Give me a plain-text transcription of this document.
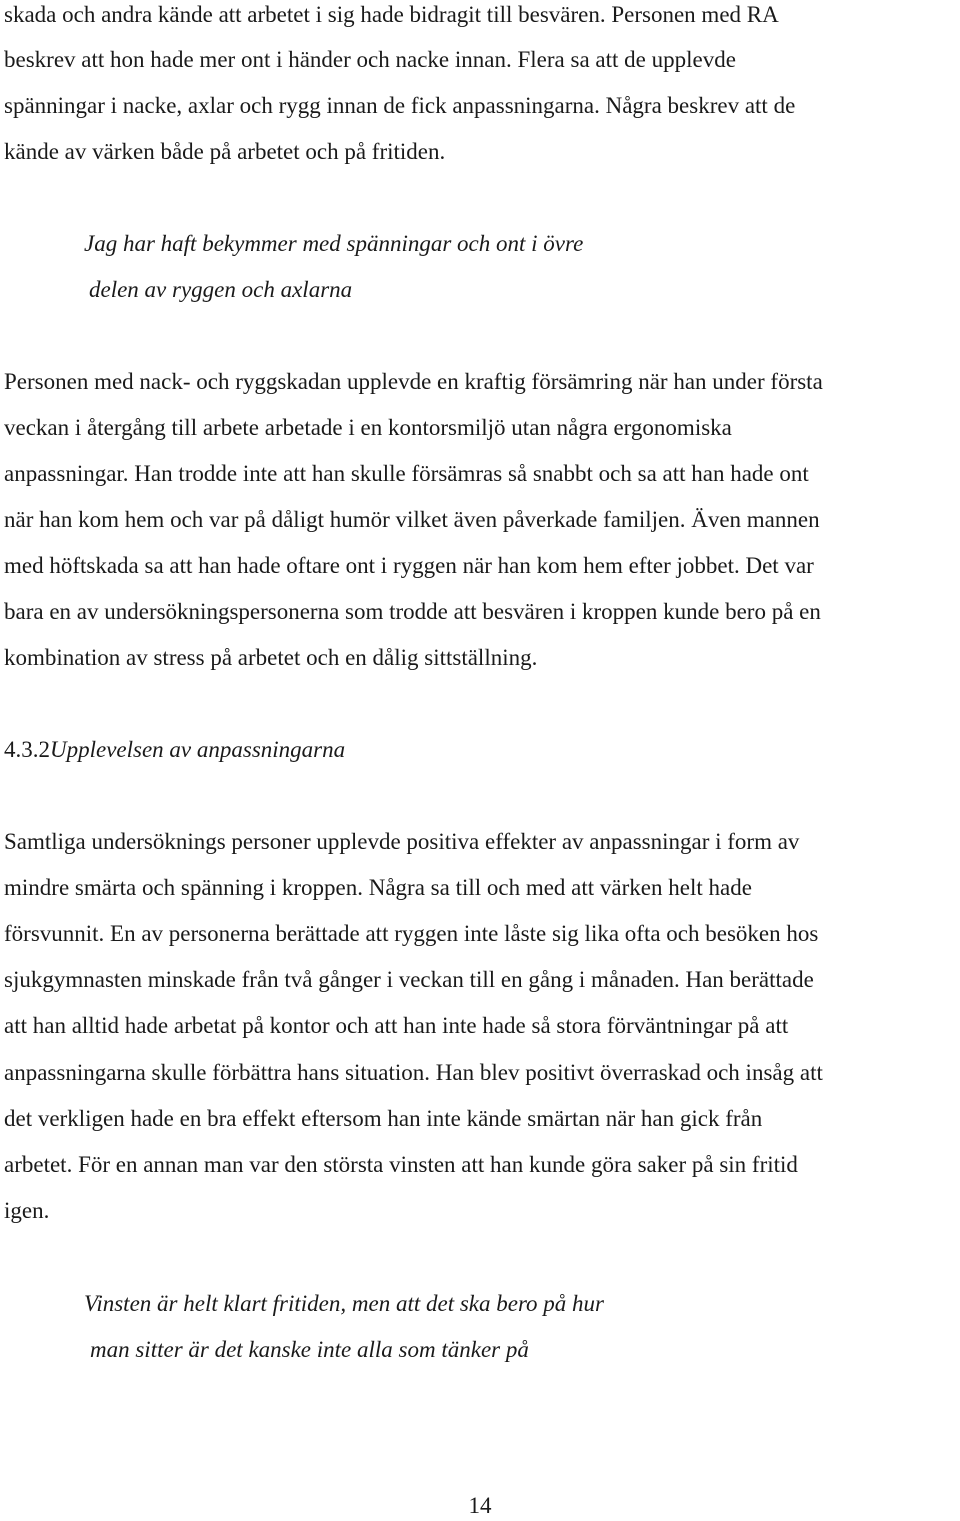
skada och andra kände att arbetet i sig hade bidragit till besvären. Personen med RA
beskrev att hon hade mer ont i händer och nacke innan. Flera sa att de upplevde
spänningar i nacke, axlar och rygg innan de fick anpassningarna. Några beskrev att de
kände av värken både på arbetet och på fritiden.
Jag har haft bekymmer med spänningar och ont i övre
delen av ryggen och axlarna
Personen med nack- och ryggskadan upplevde en kraftig försämring när han under första
veckan i återgång till arbete arbetade i en kontorsmiljö utan några ergonomiska
anpassningar. Han trodde inte att han skulle försämras så snabbt och sa att han hade ont
när han kom hem och var på dåligt humör vilket även påverkade familjen. Även mannen
med höftskada sa att han hade oftare ont i ryggen när han kom hem efter jobbet. Det var
bara en av undersökningspersonerna som trodde att besvären i kroppen kunde bero på en
kombination av stress på arbetet och en dålig sittställning.
4.3.2Upplevelsen av anpassningarna
Samtliga undersöknings personer upplevde positiva effekter av anpassningar i form av
mindre smärta och spänning i kroppen. Några sa till och med att värken helt hade
försvunnit. En av personerna berättade att ryggen inte låste sig lika ofta och besöken hos
sjukgymnasten minskade från två gånger i veckan till en gång i månaden. Han berättade
att han alltid hade arbetat på kontor och att han inte hade så stora förväntningar på att
anpassningarna skulle förbättra hans situation. Han blev positivt överraskad och insåg att
det verkligen hade en bra effekt eftersom han inte kände smärtan när han gick från
arbetet. För en annan man var den största vinsten att han kunde göra saker på sin fritid
igen.
Vinsten är helt klart fritiden, men att det ska bero på hur
man sitter är det kanske inte alla som tänker på
14
